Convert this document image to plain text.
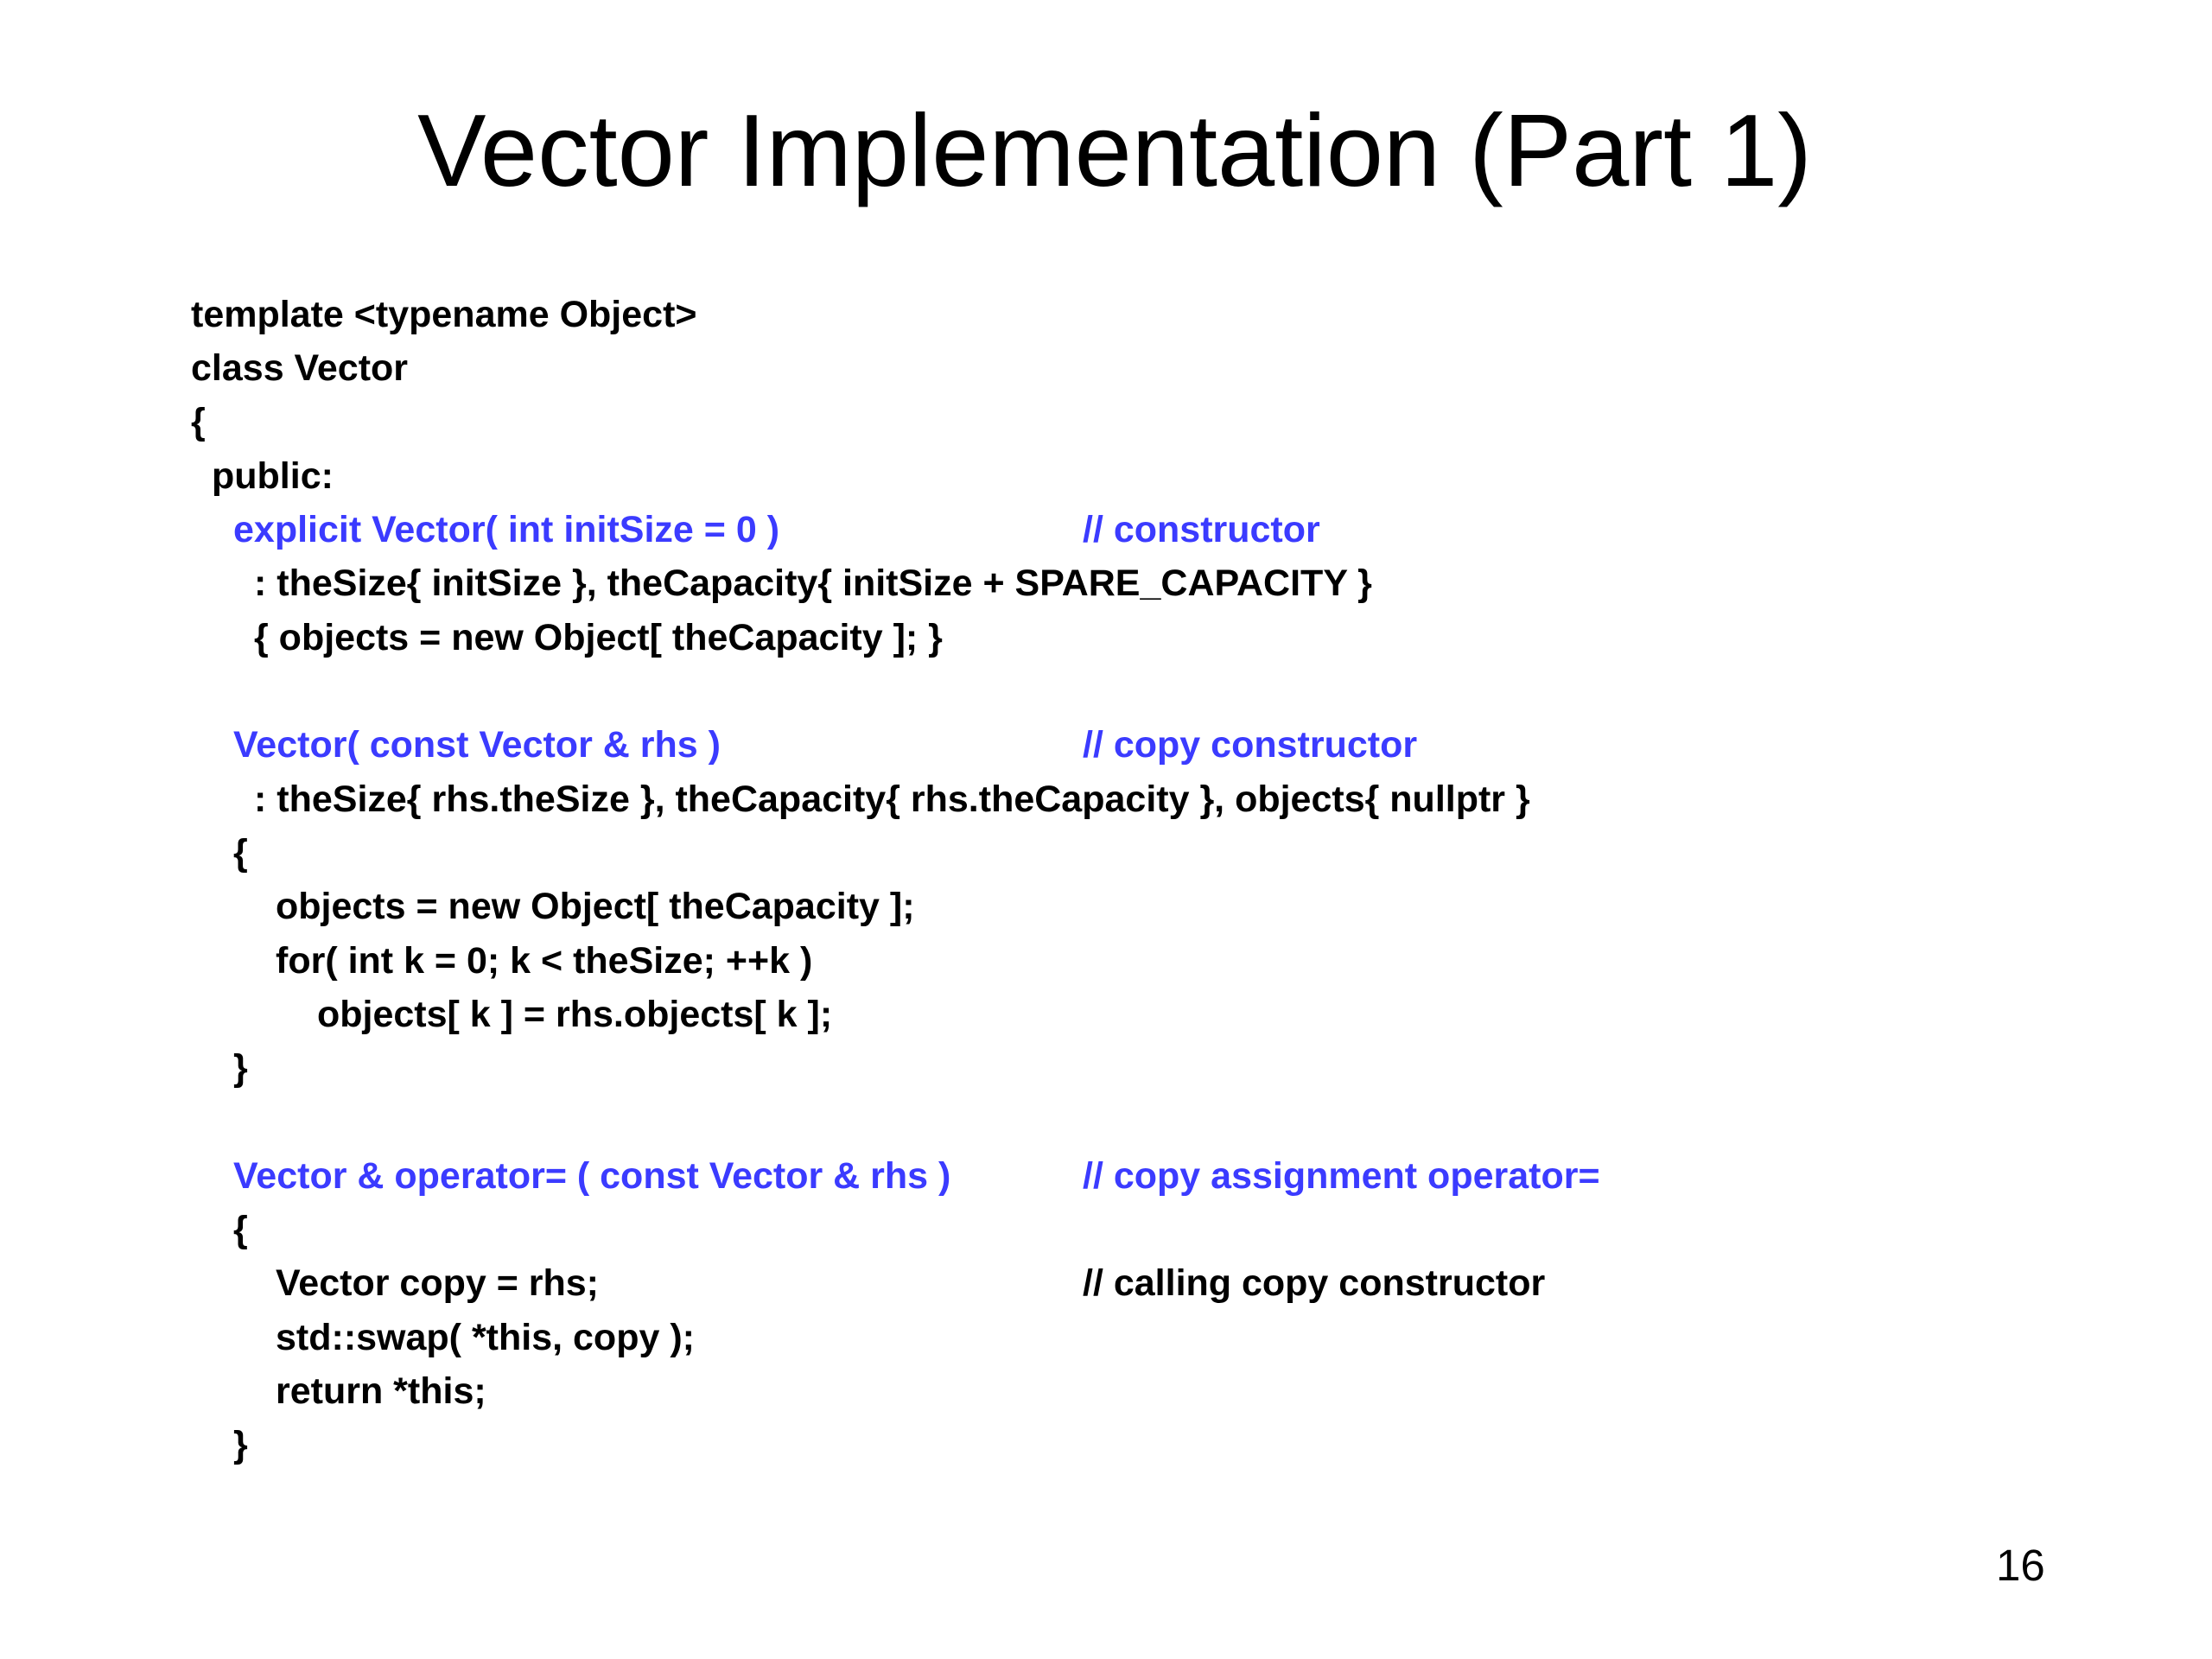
Vector Implementation (Part 1)
template <typename Object>
class Vector
{
public:
explicit Vector( int initSize = 0 )	// constructor
: theSize{ initSize }, theCapacity{ initSize + SPARE_CAPACITY }
{ objects = new Object[ theCapacity ]; }
Vector( const Vector & rhs )	// copy constructor
: theSize{ rhs.theSize }, theCapacity{ rhs.theCapacity }, objects{ nullptr }
{
objects = new Object[ theCapacity ];
for( int k = 0; k < theSize; ++k )
objects[ k ] = rhs.objects[ k ];
}
Vector & operator= ( const Vector & rhs )	// copy assignment operator=
{
Vector copy = rhs;	// calling copy constructor
std::swap( *this, copy );
return *this;
}
16
